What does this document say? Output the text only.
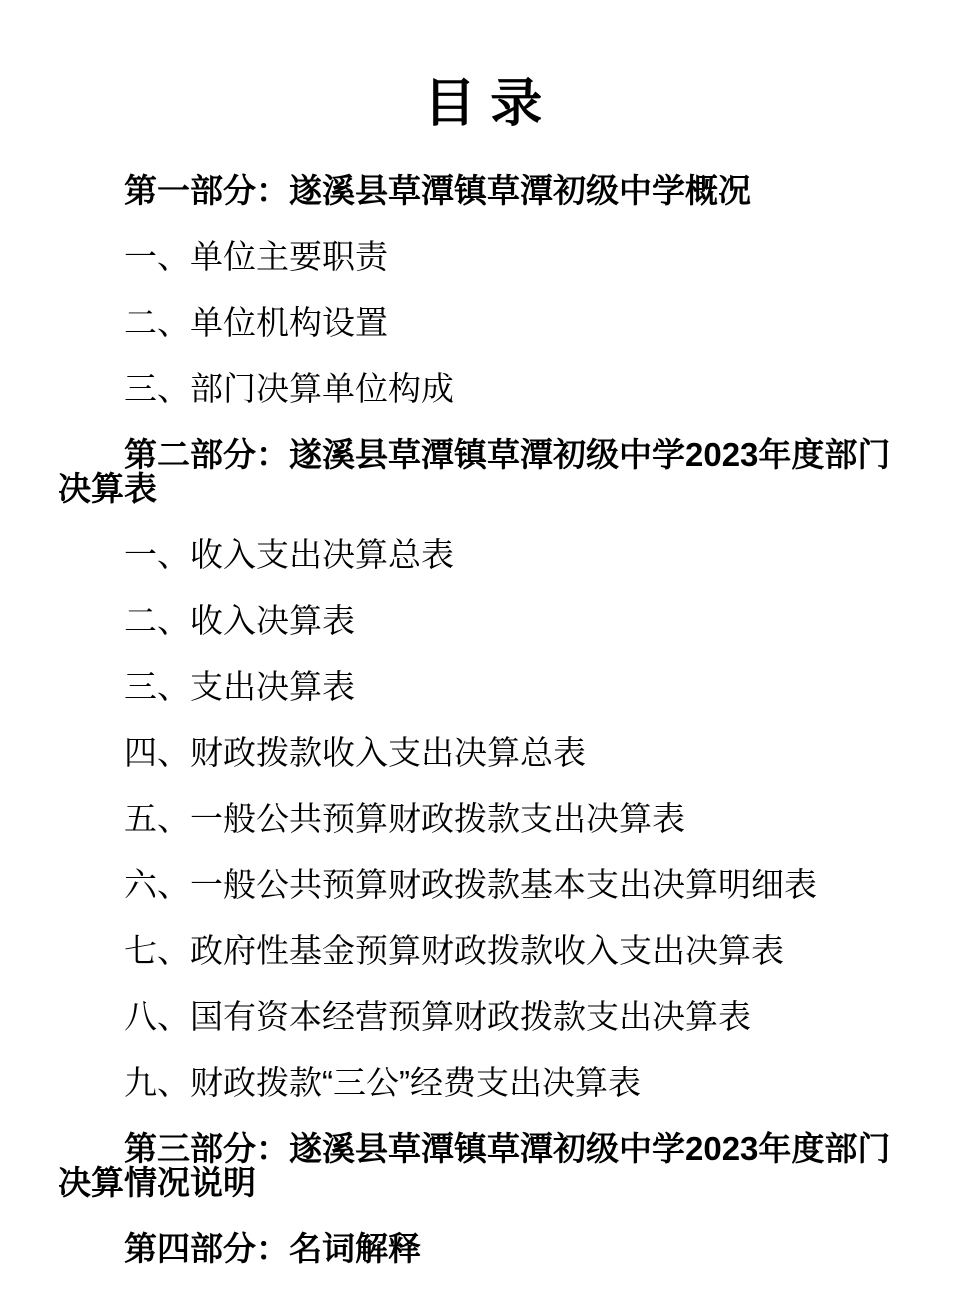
目 录

第一部分：遂溪县草潭镇草潭初级中学概况

一、单位主要职责

二、单位机构设置

三、部门决算单位构成

第二部分：遂溪县草潭镇草潭初级中学2023年度部门决算表

一、收入支出决算总表

二、收入决算表

三、支出决算表

四、财政拨款收入支出决算总表

五、一般公共预算财政拨款支出决算表

六、一般公共预算财政拨款基本支出决算明细表

七、政府性基金预算财政拨款收入支出决算表

八、国有资本经营预算财政拨款支出决算表

九、财政拨款“三公”经费支出决算表

第三部分：遂溪县草潭镇草潭初级中学2023年度部门决算情况说明

第四部分：名词解释
